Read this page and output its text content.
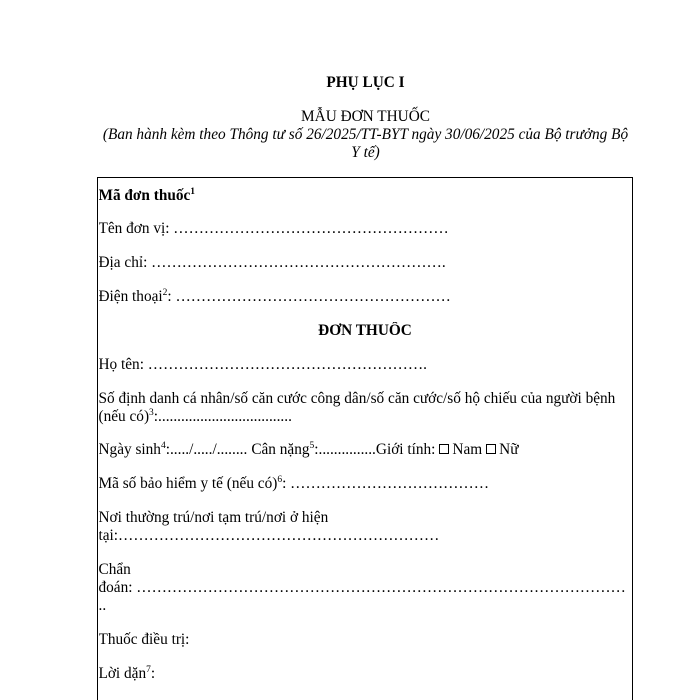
PHỤ LỤC I
MẪU ĐƠN THUỐC
(Ban hành kèm theo Thông tư số 26/2025/TT-BYT ngày 30/06/2025 của Bộ trưởng Bộ
Y tế)
Mã đơn thuốc$^1$
Tên đơn vị: ………………………………………………
Địa chỉ: ………………………………………………….
Điện thoại$^2$: ………………………………………………
ĐƠN THUỐC
Họ tên: ……………………………………………….
Số định danh cá nhân/số căn cước công dân/số căn cước/số hộ chiếu của người bệnh
(nếu có)$^3$:...................................
Ngày $\sinh^4:...../...../$........ Cân nặng$^5$:...............Giới tính: Nam Nữ
Mã số bảo hiểm y tế (nếu có)$^6$: …………………………………
Nơi thường trú/nơi tạm trú/nơi ở hiện
tại:………………………………………………………
Chẩn
đoán: ……………………………………………………………………………………
..
Thuốc điều trị:
Lời dặn$^7$:
